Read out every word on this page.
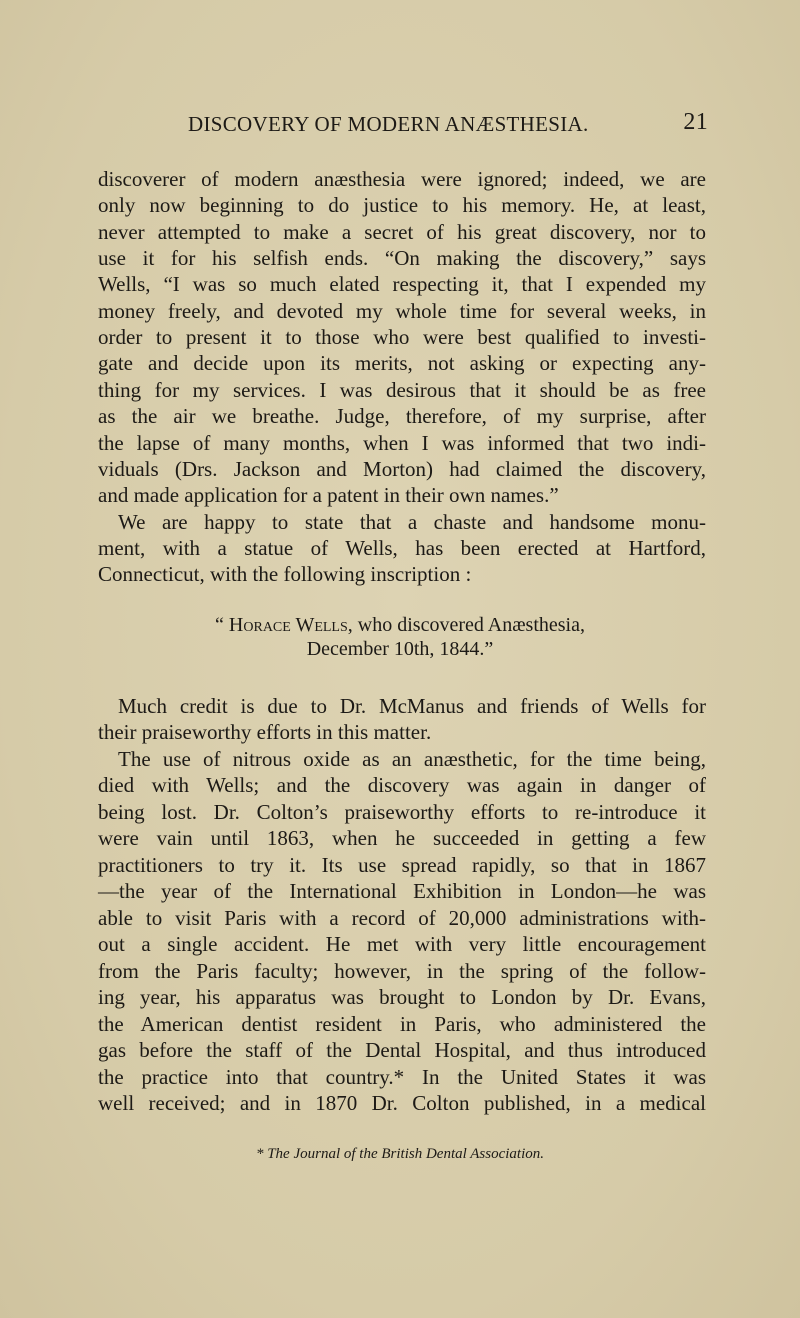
DISCOVERY OF MODERN ANÆSTHESIA.	21
discoverer of modern anæsthesia were ignored; indeed, we are
only now beginning to do justice to his memory. He, at least,
never attempted to make a secret of his great discovery, nor to
use it for his selfish ends. “On making the discovery,” says
Wells, “I was so much elated respecting it, that I expended my
money freely, and devoted my whole time for several weeks, in
order to present it to those who were best qualified to investi-
gate and decide upon its merits, not asking or expecting any-
thing for my services. I was desirous that it should be as free
as the air we breathe. Judge, therefore, of my surprise, after
the lapse of many months, when I was informed that two indi-
viduals (Drs. Jackson and Morton) had claimed the discovery,
and made application for a patent in their own names.”
We are happy to state that a chaste and handsome monu-
ment, with a statue of Wells, has been erected at Hartford,
Connecticut, with the following inscription :
“ Horace Wells, who discovered Anæsthesia,
December 10th, 1844.”
Much credit is due to Dr. McManus and friends of Wells for
their praiseworthy efforts in this matter.
The use of nitrous oxide as an anæsthetic, for the time being,
died with Wells; and the discovery was again in danger of
being lost. Dr. Colton’s praiseworthy efforts to re-introduce it
were vain until 1863, when he succeeded in getting a few
practitioners to try it. Its use spread rapidly, so that in 1867
—the year of the International Exhibition in London—he was
able to visit Paris with a record of 20,000 administrations with-
out a single accident. He met with very little encouragement
from the Paris faculty; however, in the spring of the follow-
ing year, his apparatus was brought to London by Dr. Evans,
the American dentist resident in Paris, who administered the
gas before the staff of the Dental Hospital, and thus introduced
the practice into that country.* In the United States it was
well received; and in 1870 Dr. Colton published, in a medical
* The Journal of the British Dental Association.
